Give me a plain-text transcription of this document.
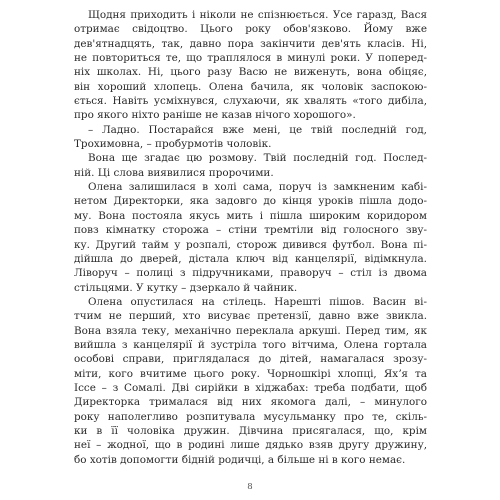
Щодня приходить і ніколи не спізнюється. Усе гаразд, Вася
отримає свідоцтво. Цього року обов'язково. Йому вже
дев'ятнадцять, так, давно пора закінчити дев'ять класів. Ні,
не повториться те, що траплялося в минулі роки. У поперед-
ніх школах. Ні, цього разу Васю не виженуть, вона обіцяє,
він хороший хлопець. Олена бачила, як чоловік заспокою-
ється. Навіть усміхнувся, слухаючи, як хвалять «того дибіла,
про якого ніхто раніше не казав нічого хорошого».
– Ладно. Постарайся вже мені, це твій последній год,
Трохимовна, – пробурмотів чоловік.
Вона ще згадає цю розмову. Твій последній год. Послед-
ній. Ці слова виявилися пророчими.
Олена залишилася в холі сама, поруч із замкненим кабі-
нетом Директорки, яка задовго до кінця уроків пішла додо-
му. Вона постояла якусь мить і пішла широким коридором
повз кімнатку сторожа – стіни тремтіли від голосного зву-
ку. Другий тайм у розпалі, сторож дивився футбол. Вона пі-
дійшла до дверей, дістала ключ від канцелярії, відімкнула.
Ліворуч – полиці з підручниками, праворуч – стіл із двома
стільцями. У кутку – дзеркало й чайник.
Олена опустилася на стілець. Нарешті пішов. Васин ві-
тчим не перший, хто висуває претензії, давно вже звикла.
Вона взяла теку, механічно переклала аркуші. Перед тим, як
вийшла з канцелярії й зустріла того вітчима, Олена гортала
особові справи, приглядалася до дітей, намагалася зрозу-
міти, кого вчитиме цього року. Чорношкірі хлопці, Яхʼя та
Іссе – з Сомалі. Дві сирійки в хіджабах: треба подбати, щоб
Директорка трималася від них якомога далі, – минулого
року наполегливо розпитувала мусульманку про те, скіль-
ки в її чоловіка дружин. Дівчина присягалася, що, крім
неї – жодної, що в родині лише дядько взяв другу дружину,
бо хотів допомогти бідній родичці, а більше ні в кого немає.
8
